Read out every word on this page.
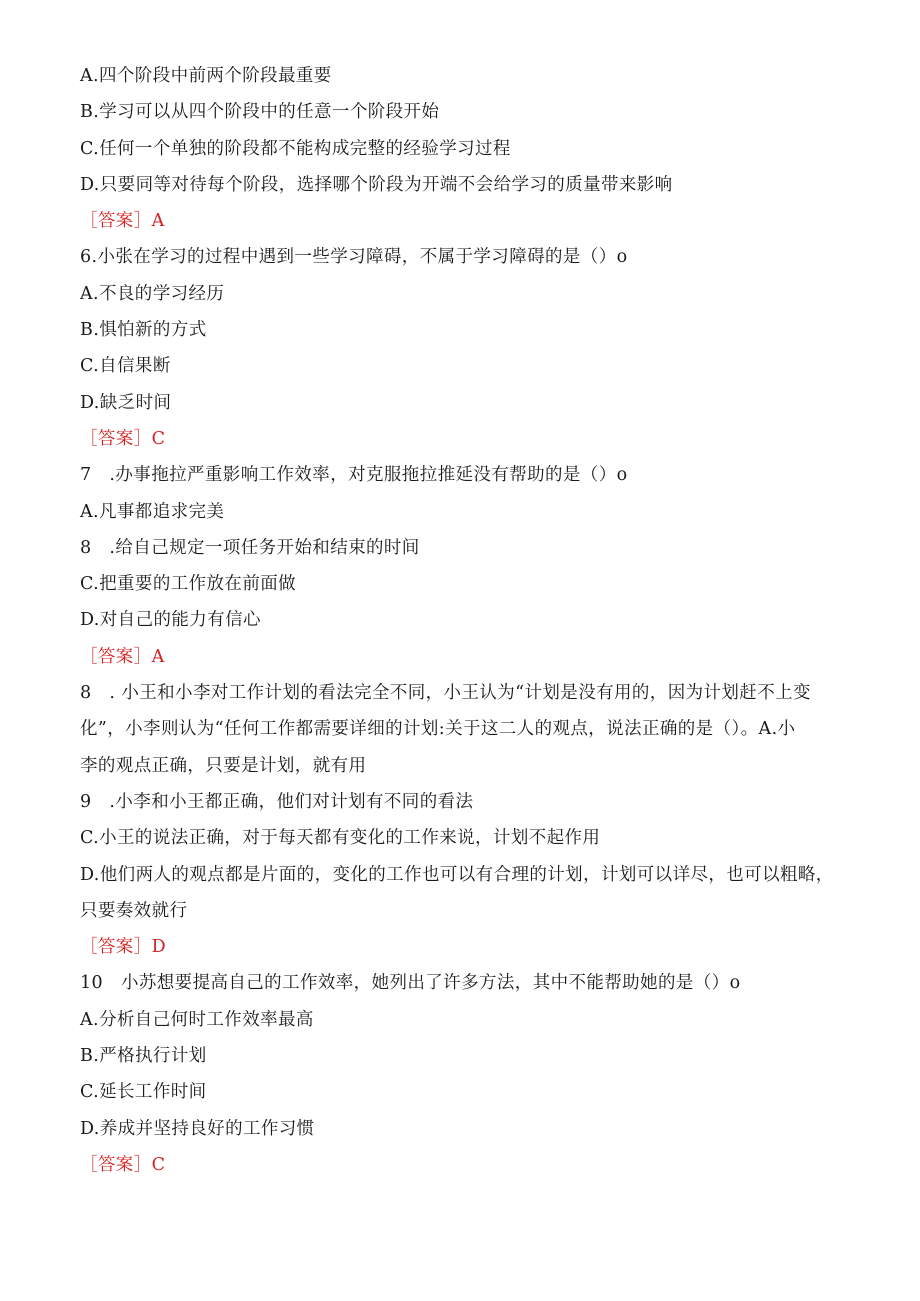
A.四个阶段中前两个阶段最重要
B.学习可以从四个阶段中的任意一个阶段开始
C.任何一个单独的阶段都不能构成完整的经验学习过程
D.只要同等对待每个阶段，选择哪个阶段为开端不会给学习的质量带来影响
［答案］A
6.小张在学习的过程中遇到一些学习障碍，不属于学习障碍的是（）o
A.不良的学习经历
B.惧怕新的方式
C.自信果断
D.缺乏时间
［答案］C
7　.办事拖拉严重影响工作效率，对克服拖拉推延没有帮助的是（）o
A.凡事都追求完美
8　.给自己规定一项任务开始和结束的时间
C.把重要的工作放在前面做
D.对自己的能力有信心
［答案］A
8　. 小王和小李对工作计划的看法完全不同，小王认为“计划是没有用的，因为计划赶不上变
化”，小李则认为“任何工作都需要详细的计划:关于这二人的观点，说法正确的是（）。A.小
李的观点正确，只要是计划，就有用
9　.小李和小王都正确，他们对计划有不同的看法
C.小王的说法正确，对于每天都有变化的工作来说，计划不起作用
D.他们两人的观点都是片面的，变化的工作也可以有合理的计划，计划可以详尽，也可以粗略，
只要奏效就行
［答案］D
10　小苏想要提高自己的工作效率，她列出了许多方法，其中不能帮助她的是（）o
A.分析自己何时工作效率最高
B.严格执行计划
C.延长工作时间
D.养成并坚持良好的工作习惯
［答案］C
